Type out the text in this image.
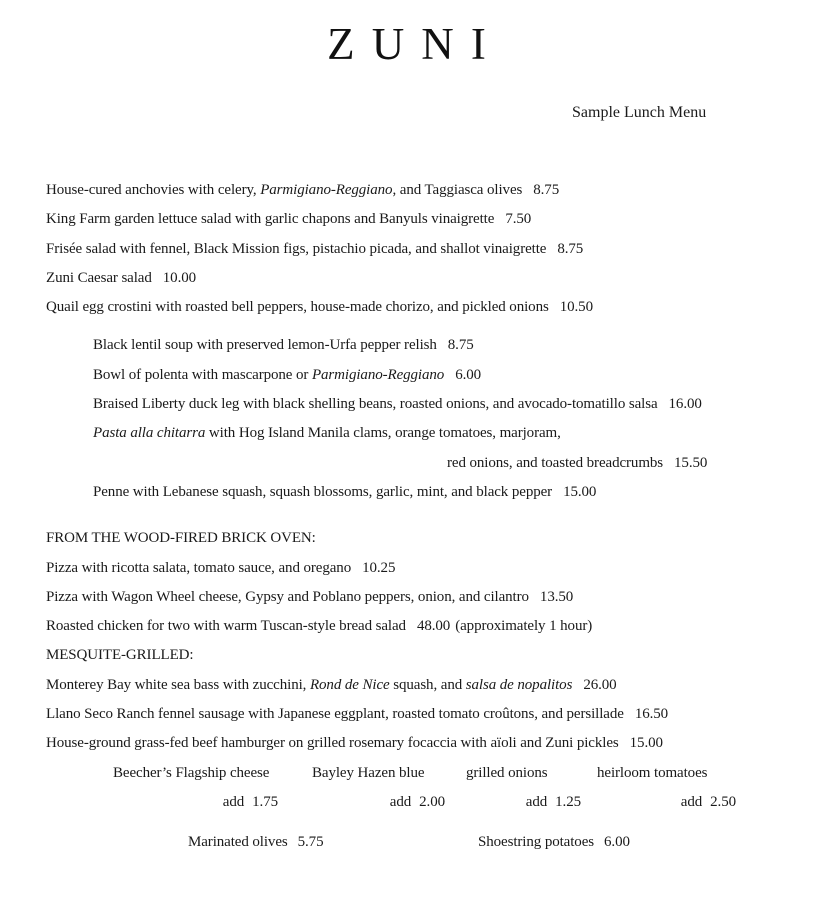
ZUNI
Sample Lunch Menu
House-cured anchovies with celery, Parmigiano-Reggiano, and Taggiasca olives 8.75
King Farm garden lettuce salad with garlic chapons and Banyuls vinaigrette 7.50
Frisée salad with fennel, Black Mission figs, pistachio picada, and shallot vinaigrette 8.75
Zuni Caesar salad 10.00
Quail egg crostini with roasted bell peppers, house-made chorizo, and pickled onions 10.50
Black lentil soup with preserved lemon-Urfa pepper relish 8.75
Bowl of polenta with mascarpone or Parmigiano-Reggiano 6.00
Braised Liberty duck leg with black shelling beans, roasted onions, and avocado-tomatillo salsa 16.00
Pasta alla chitarra with Hog Island Manila clams, orange tomatoes, marjoram,
red onions, and toasted breadcrumbs 15.50
Penne with Lebanese squash, squash blossoms, garlic, mint, and black pepper 15.00
FROM THE WOOD-FIRED BRICK OVEN:
Pizza with ricotta salata, tomato sauce, and oregano 10.25
Pizza with Wagon Wheel cheese, Gypsy and Poblano peppers, onion, and cilantro 13.50
Roasted chicken for two with warm Tuscan-style bread salad 48.00 (approximately 1 hour)
MESQUITE-GRILLED:
Monterey Bay white sea bass with zucchini, Rond de Nice squash, and salsa de nopalitos 26.00
Llano Seco Ranch fennel sausage with Japanese eggplant, roasted tomato croûtons, and persillade 16.50
House-ground grass-fed beef hamburger on grilled rosemary focaccia with aïoli and Zuni pickles 15.00
Beecher’s Flagship cheese
add 1.75
Bayley Hazen blue
add 2.00
grilled onions
add 1.25
heirloom tomatoes
add 2.50
Marinated olives 5.75	Shoestring potatoes 6.00
